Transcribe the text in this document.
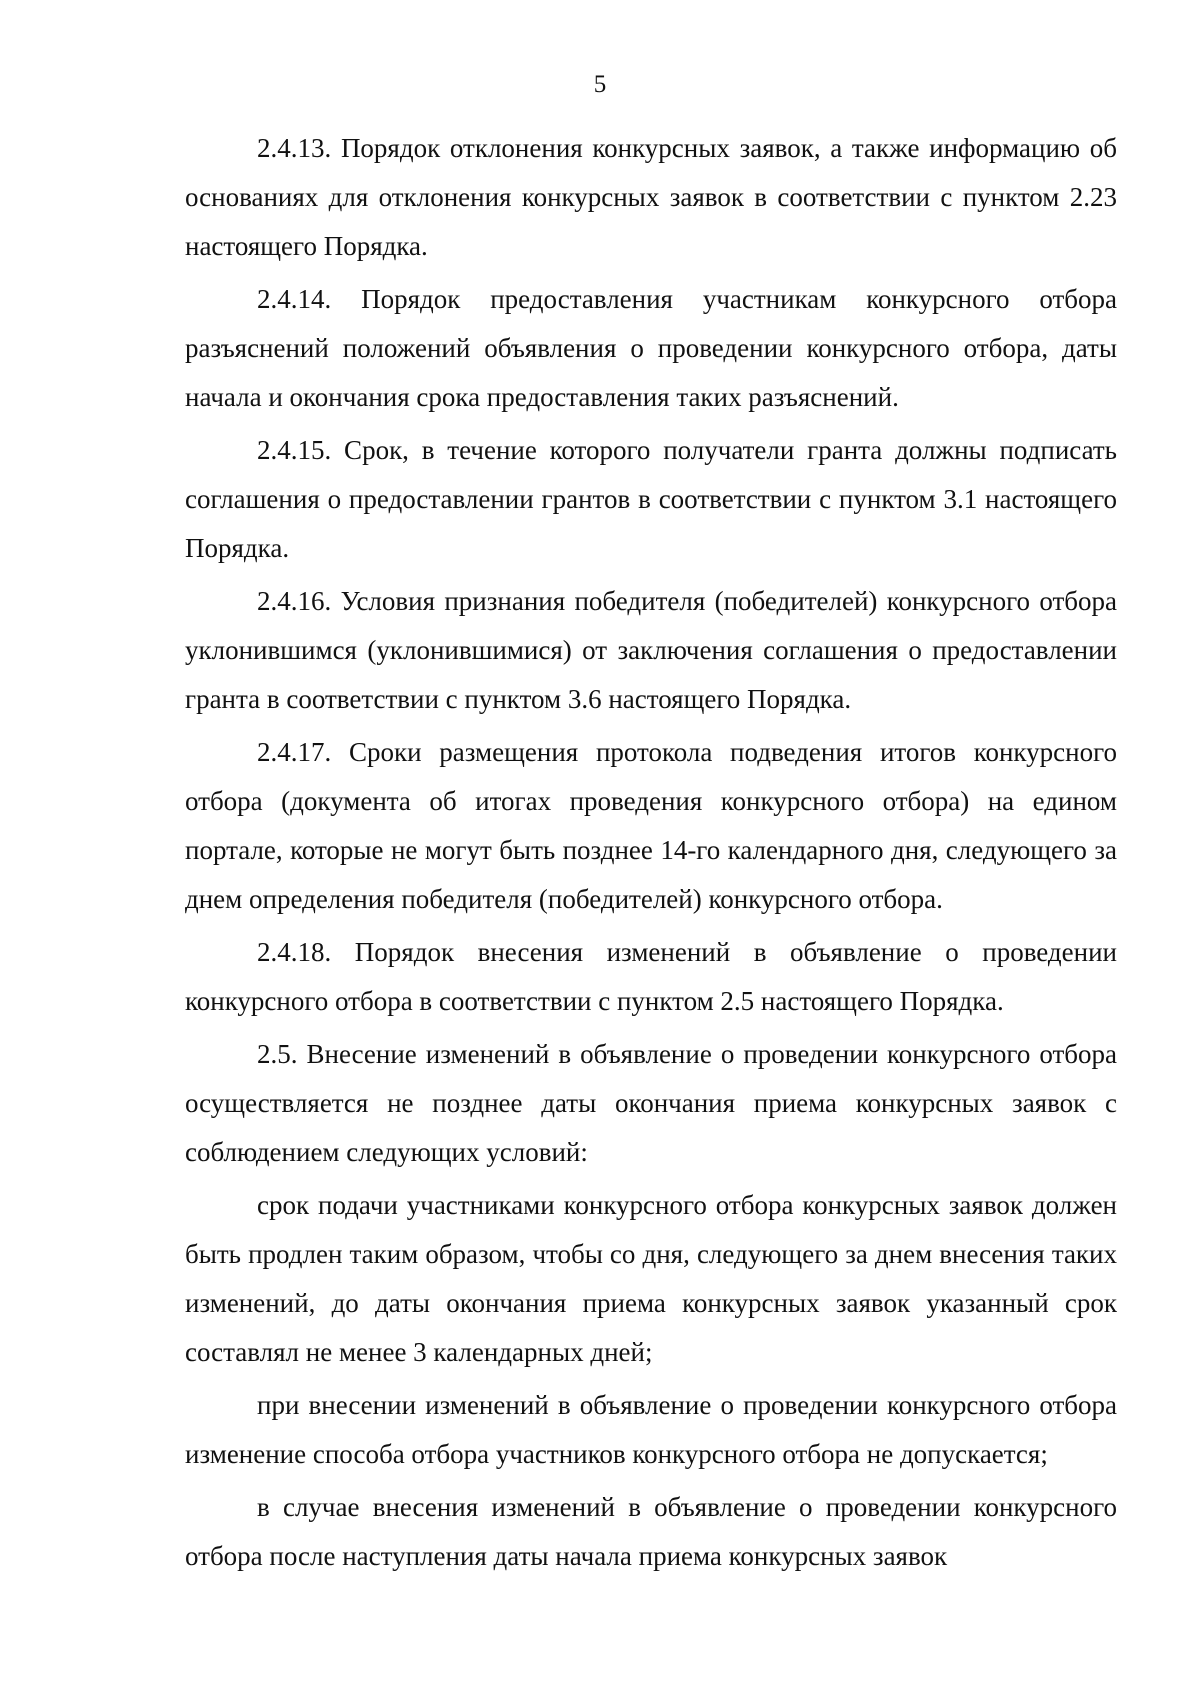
5

2.4.13. Порядок отклонения конкурсных заявок, а также информацию об основаниях для отклонения конкурсных заявок в соответствии с пунктом 2.23 настоящего Порядка.

2.4.14. Порядок предоставления участникам конкурсного отбора разъяснений положений объявления о проведении конкурсного отбора, даты начала и окончания срока предоставления таких разъяснений.

2.4.15. Срок, в течение которого получатели гранта должны подписать соглашения о предоставлении грантов в соответствии с пунктом 3.1 настоящего Порядка.

2.4.16. Условия признания победителя (победителей) конкурсного отбора уклонившимся (уклонившимися) от заключения соглашения о предоставлении гранта в соответствии с пунктом 3.6 настоящего Порядка.

2.4.17. Сроки размещения протокола подведения итогов конкурсного отбора (документа об итогах проведения конкурсного отбора) на едином портале, которые не могут быть позднее 14-го календарного дня, следующего за днем определения победителя (победителей) конкурсного отбора.

2.4.18. Порядок внесения изменений в объявление о проведении конкурсного отбора в соответствии с пунктом 2.5 настоящего Порядка.

2.5. Внесение изменений в объявление о проведении конкурсного отбора осуществляется не позднее даты окончания приема конкурсных заявок с соблюдением следующих условий:

срок подачи участниками конкурсного отбора конкурсных заявок должен быть продлен таким образом, чтобы со дня, следующего за днем внесения таких изменений, до даты окончания приема конкурсных заявок указанный срок составлял не менее 3 календарных дней;

при внесении изменений в объявление о проведении конкурсного отбора изменение способа отбора участников конкурсного отбора не допускается;

в случае внесения изменений в объявление о проведении конкурсного отбора после наступления даты начала приема конкурсных заявок
